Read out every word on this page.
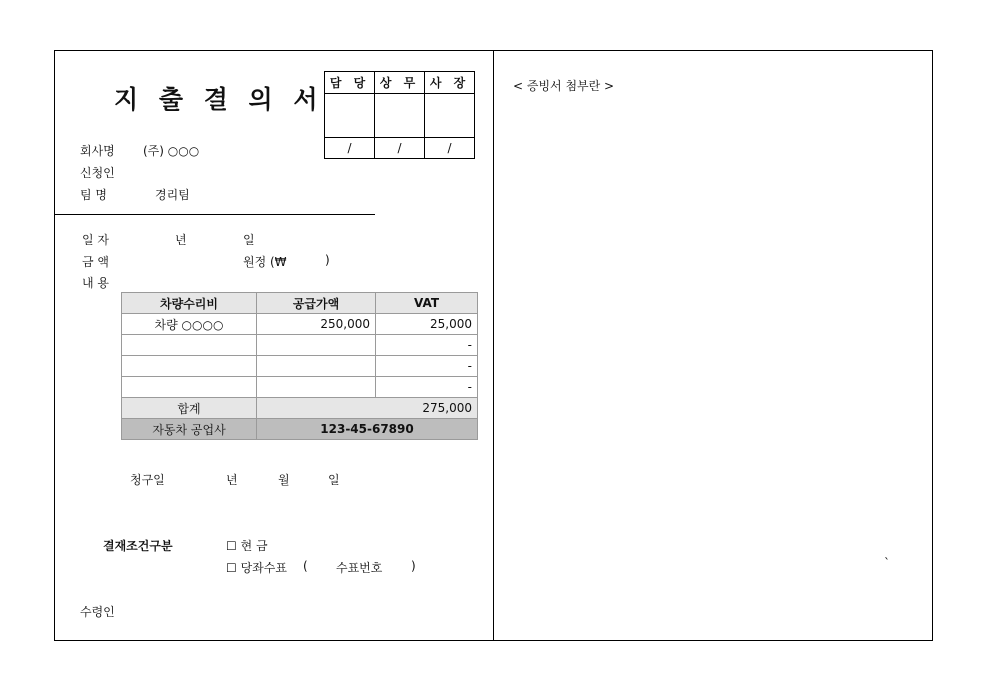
지 출 결 의 서
담 당	상 무	사 장

/	/	/
회사명 (주) ○○○
신청인
팀 명	경리팀
일 자	년	일
금 액	원정 (₩	)
내 용
차량수리비	공급가액	VAT
차량 ○○○○	250,000	25,000
		-
		-
		-
합계	275,000	
자동차 공업사	123-45-67890	
청구일	년	월	일
결재조건구분	☐ 현 금
☐ 당좌수표 ( 수표번호 )
수령인
< 증빙서 첨부란 >
`
